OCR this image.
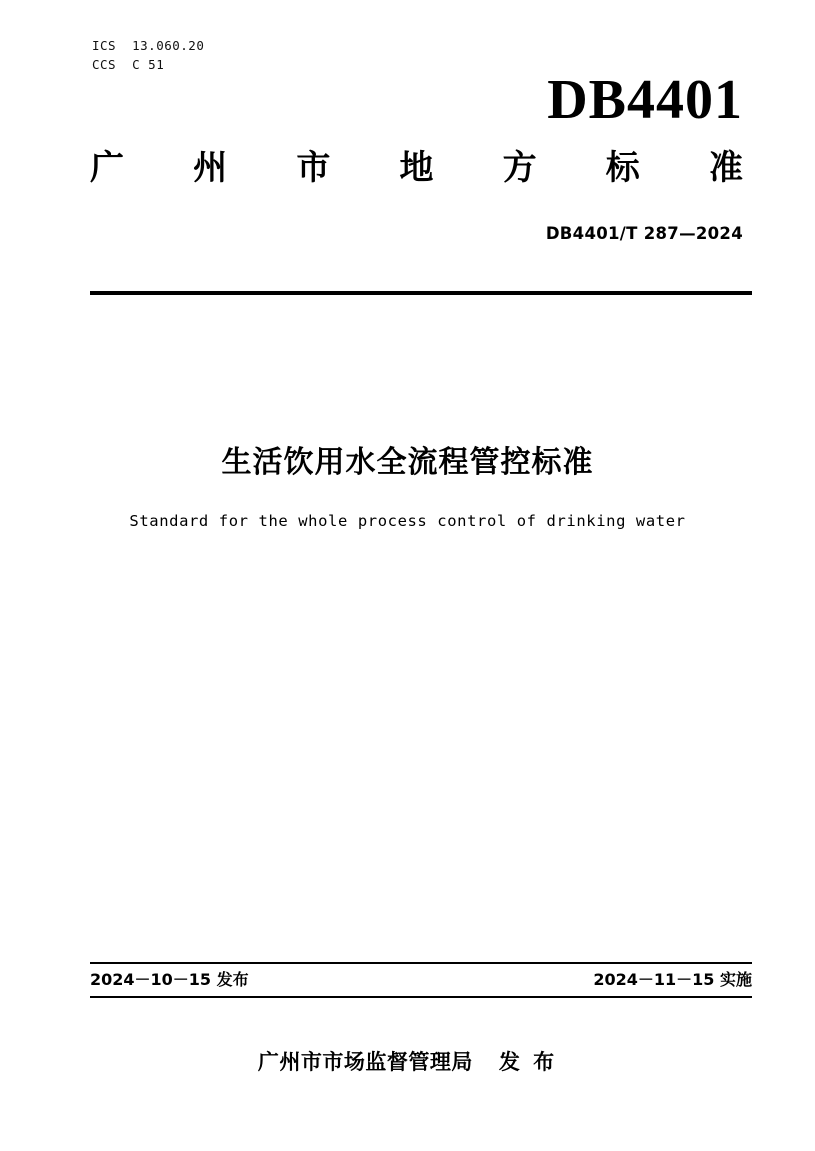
ICS  13.060.20
CCS  C 51
DB4401
广 州 市 地 方 标 准
DB4401/T 287—2024
生活饮用水全流程管控标准
Standard for the whole process control of drinking water
2024－10－15 发布	2024－11－15 实施
广州市市场监督管理局 发 布
